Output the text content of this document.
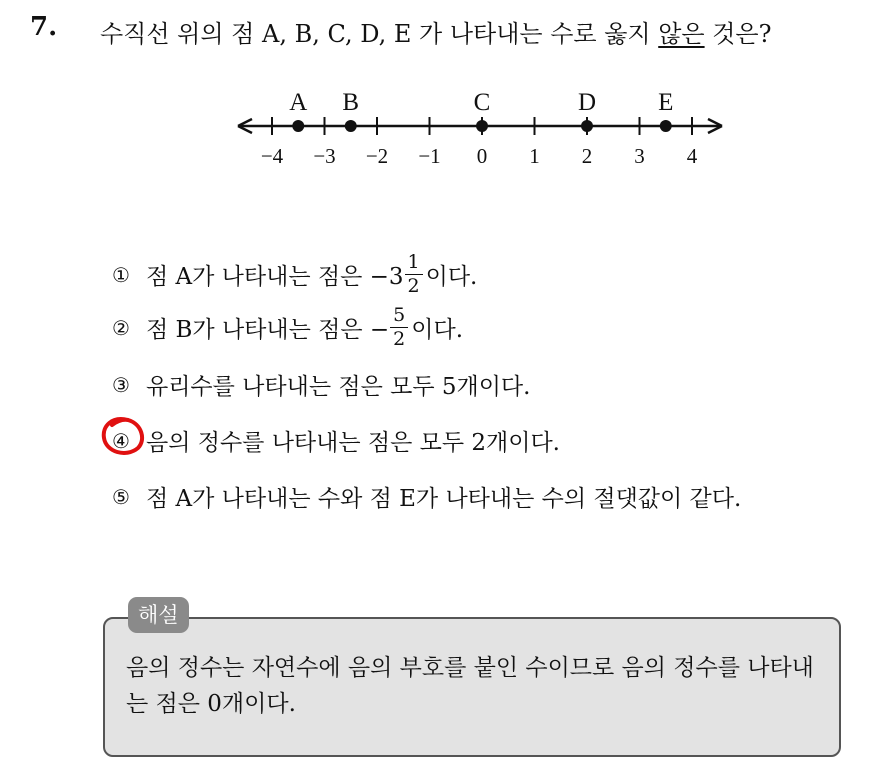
7. 수직선 위의 점 A, B, C, D, E 가 나타내는 수로 옳지 않은 것은?
−4 −3 −2 −1 0 1 2 3 4
A B	C	D E
① 점 A가 나타내는 점은 $-3 \frac{1}{2}$ 이다.
② 점 B가 나타내는 점은 − $\frac{5}{2}$ 이다.
③ 유리수를 나타내는 점은 모두 5개이다.
④ 음의 정수를 나타내는 점은 모두 2개이다.
⑤ 점 A가 나타내는 수와 점 E가 나타내는 수의 절댓값이 같다.
해설
음의 정수는 자연수에 음의 부호를 붙인 수이므로 음의 정수를 나타내는 점은 0개이다.
